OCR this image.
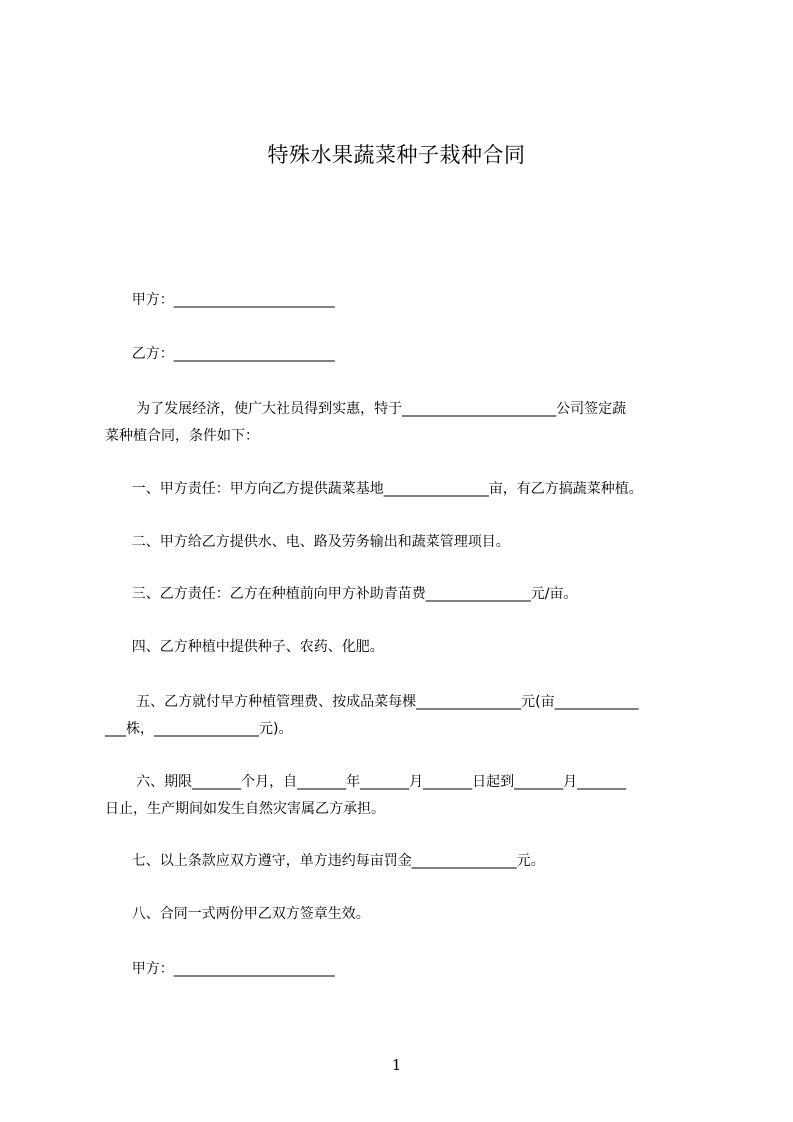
特殊水果蔬菜种子栽种合同
甲方：_______________________
乙方：_______________________
为了发展经济，使广大社员得到实惠，特于______________________公司签定蔬
菜种植合同，条件如下：
一、甲方责任：甲方向乙方提供蔬菜基地_______________亩，有乙方搞蔬菜种植。
二、甲方给乙方提供水、电、路及劳务输出和蔬菜管理项目。
三、乙方责任：乙方在种植前向甲方补助青苗费_______________元/亩。
四、乙方种植中提供种子、农药、化肥。
五、乙方就付早方种植管理费、按成品菜每棵_______________元(亩____________
___株，_______________元)。
六、期限_______个月，自_______年_______月_______日起到_______月_______
日止，生产期间如发生自然灾害属乙方承担。
七、以上条款应双方遵守，单方违约每亩罚金_______________元。
八、合同一式两份甲乙双方签章生效。
甲方：_______________________
1
